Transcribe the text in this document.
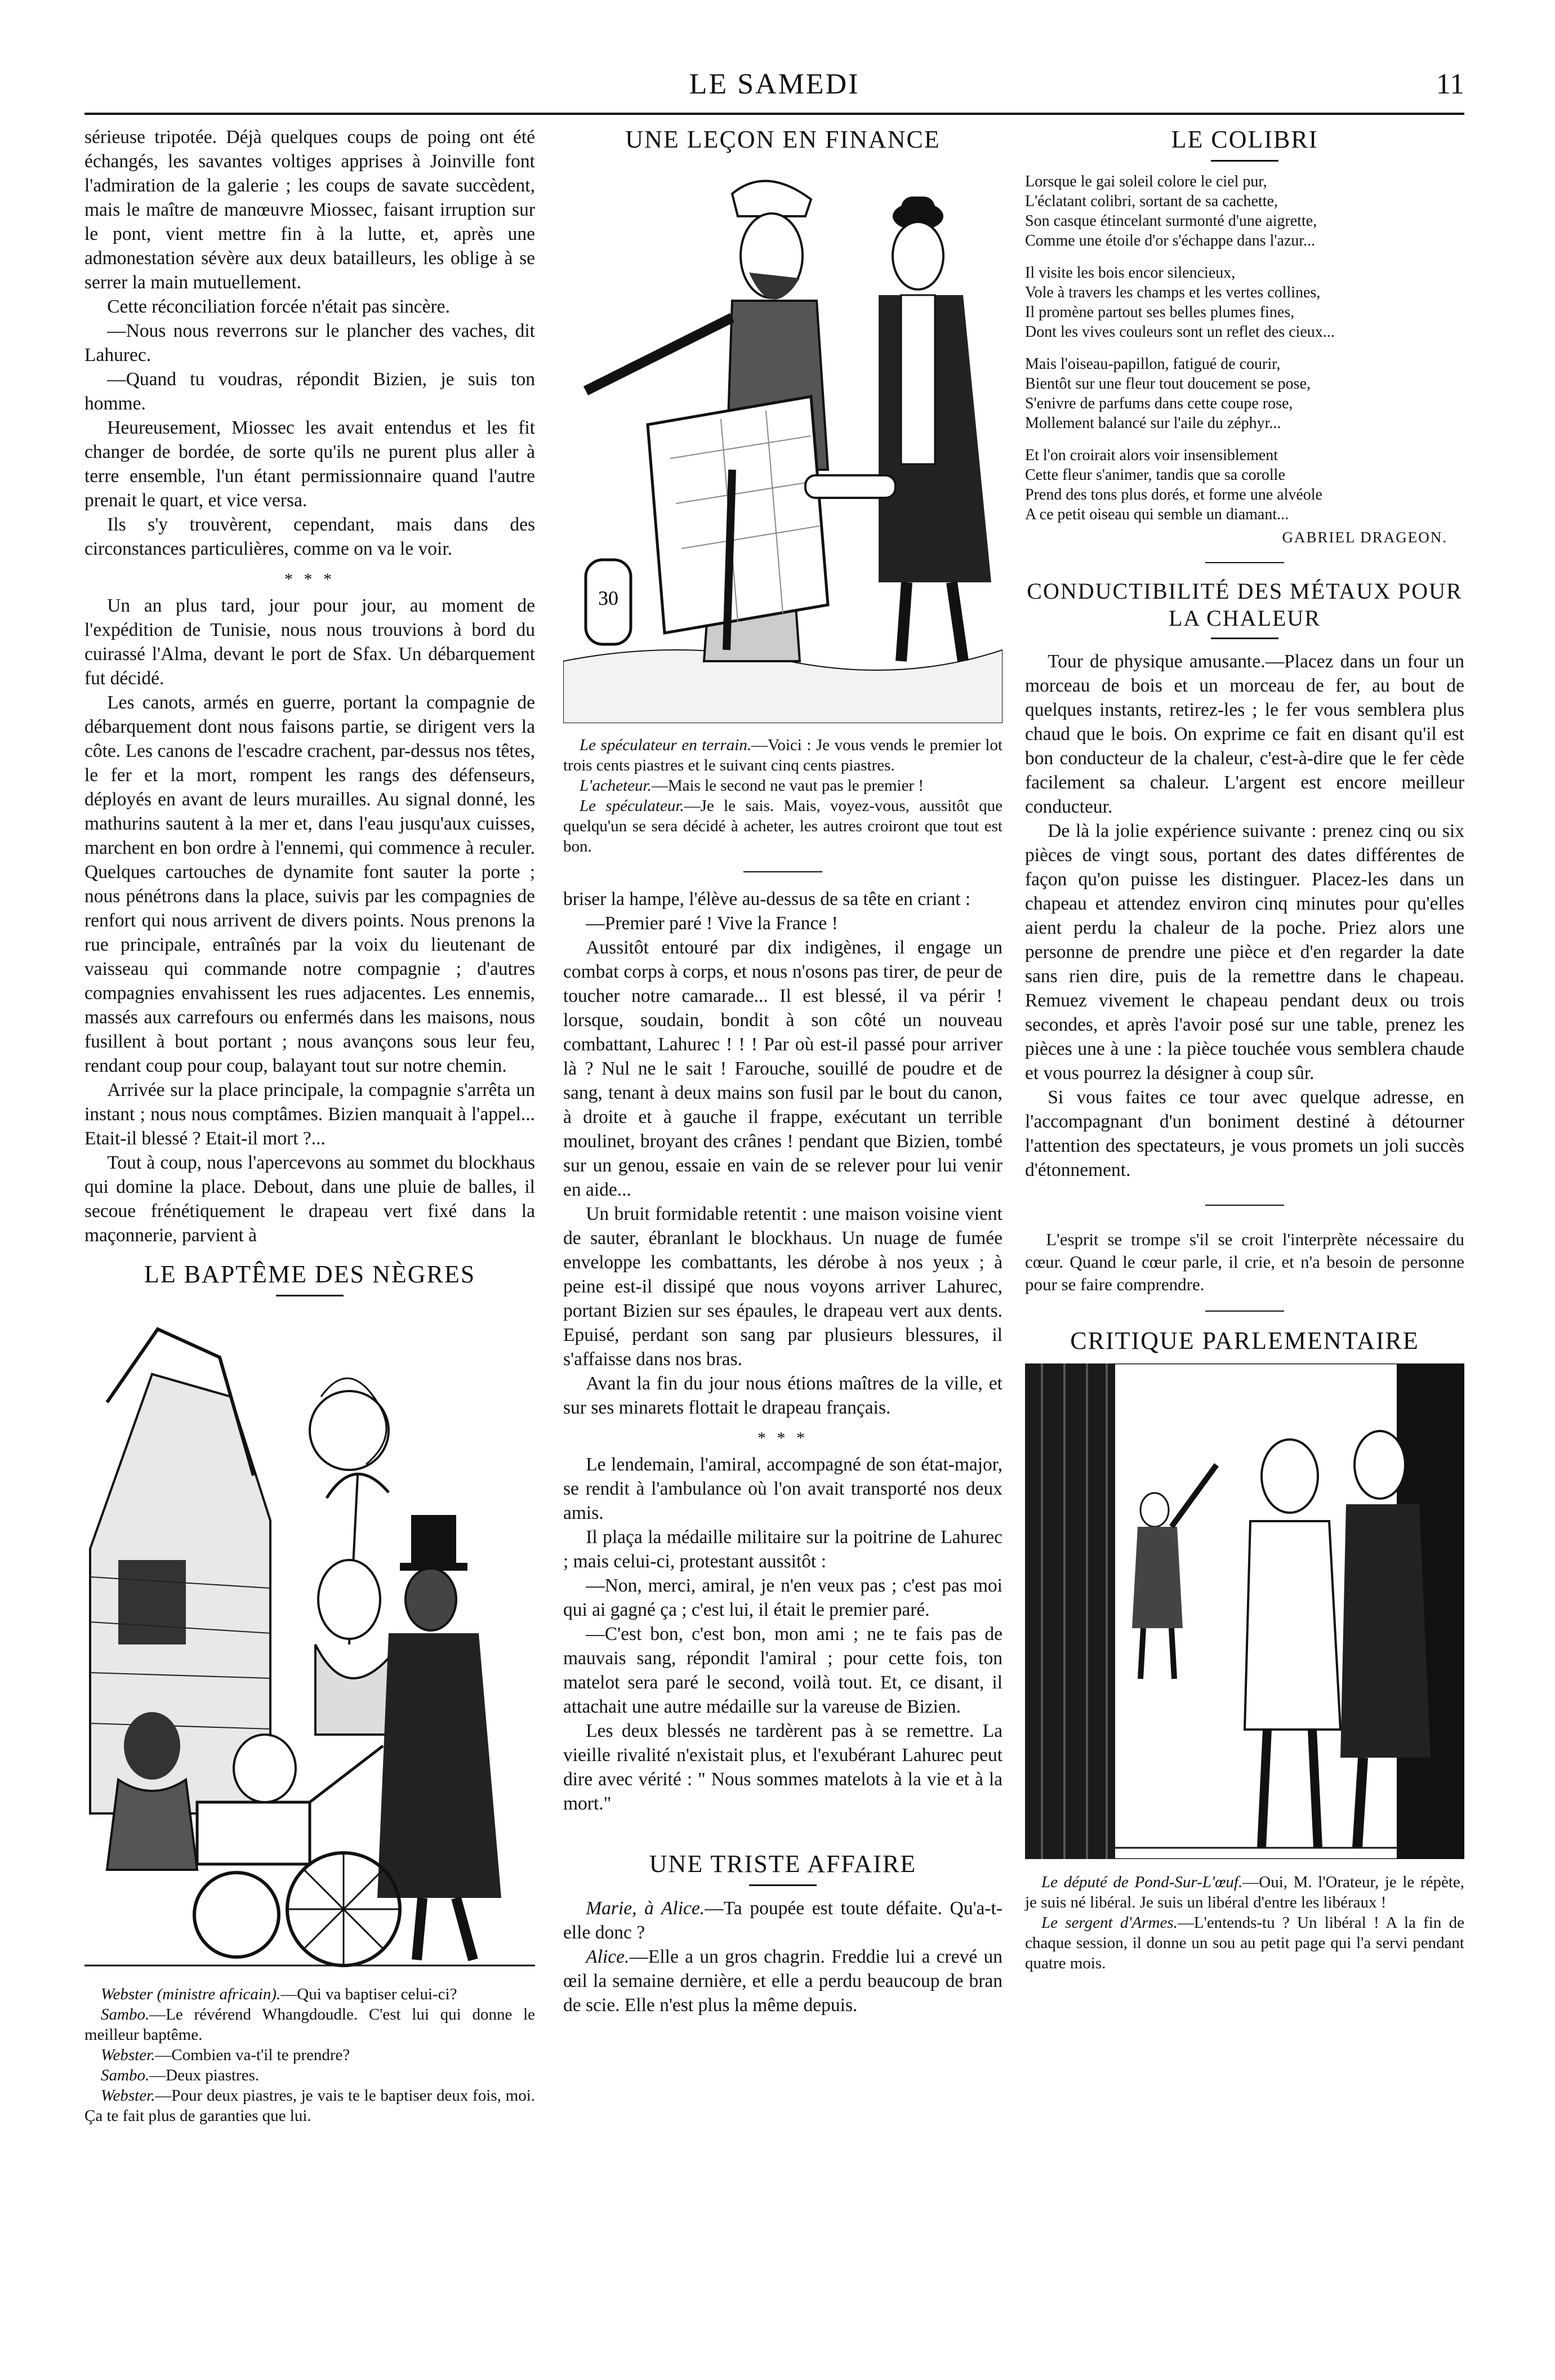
LE SAMEDI	11

sérieuse tripotée. Déjà quelques coups de poing ont été échangés, les savantes voltiges apprises à Joinville font l'admiration de la galerie ; les coups de savate succèdent, mais le maître de manœuvre Miossec, faisant irruption sur le pont, vient mettre fin à la lutte, et, après une admonestation sévère aux deux batailleurs, les oblige à se serrer la main mutuellement.

Cette réconciliation forcée n'était pas sincère.

—Nous nous reverrons sur le plancher des vaches, dit Lahurec.

—Quand tu voudras, répondit Bizien, je suis ton homme.

Heureusement, Miossec les avait entendus et les fit changer de bordée, de sorte qu'ils ne purent plus aller à terre ensemble, l'un étant permissionnaire quand l'autre prenait le quart, et vice versa.

Ils s'y trouvèrent, cependant, mais dans des circonstances particulières, comme on va le voir.

* * *

Un an plus tard, jour pour jour, au moment de l'expédition de Tunisie, nous nous trouvions à bord du cuirassé l'Alma, devant le port de Sfax. Un débarquement fut décidé.

Les canots, armés en guerre, portant la compagnie de débarquement dont nous faisons partie, se dirigent vers la côte. Les canons de l'escadre crachent, par-dessus nos têtes, le fer et la mort, rompent les rangs des défenseurs, déployés en avant de leurs murailles. Au signal donné, les mathurins sautent à la mer et, dans l'eau jusqu'aux cuisses, marchent en bon ordre à l'ennemi, qui commence à reculer. Quelques cartouches de dynamite font sauter la porte ; nous pénétrons dans la place, suivis par les compagnies de renfort qui nous arrivent de divers points. Nous prenons la rue principale, entraînés par la voix du lieutenant de vaisseau qui commande notre compagnie ; d'autres compagnies envahissent les rues adjacentes. Les ennemis, massés aux carrefours ou enfermés dans les maisons, nous fusillent à bout portant ; nous avançons sous leur feu, rendant coup pour coup, balayant tout sur notre chemin.

Arrivée sur la place principale, la compagnie s'arrêta un instant ; nous nous comptâmes. Bizien manquait à l'appel... Etait-il blessé ? Etait-il mort ?...

Tout à coup, nous l'apercevons au sommet du blockhaus qui domine la place. Debout, dans une pluie de balles, il secoue frénétiquement le drapeau vert fixé dans la maçonnerie, parvient à

LE BAPTÊME DES NÈGRES

Webster (ministre africain).—Qui va baptiser celui-ci?

Sambo.—Le révérend Whangdoudle. C'est lui qui donne le meilleur baptême.

Webster.—Combien va-t'il te prendre?

Sambo.—Deux piastres.

Webster.—Pour deux piastres, je vais te le baptiser deux fois, moi. Ça te fait plus de garanties que lui.

UNE LEÇON EN FINANCE
30

Le spéculateur en terrain.—Voici : Je vous vends le premier lot trois cents piastres et le suivant cinq cents piastres.

L'acheteur.—Mais le second ne vaut pas le premier !

Le spéculateur.—Je le sais. Mais, voyez-vous, aussitôt que quelqu'un se sera décidé à acheter, les autres croiront que tout est bon.

briser la hampe, l'élève au-dessus de sa tête en criant :

—Premier paré ! Vive la France !

Aussitôt entouré par dix indigènes, il engage un combat corps à corps, et nous n'osons pas tirer, de peur de toucher notre camarade... Il est blessé, il va périr ! lorsque, soudain, bondit à son côté un nouveau combattant, Lahurec ! ! ! Par où est-il passé pour arriver là ? Nul ne le sait ! Farouche, souillé de poudre et de sang, tenant à deux mains son fusil par le bout du canon, à droite et à gauche il frappe, exécutant un terrible moulinet, broyant des crânes ! pendant que Bizien, tombé sur un genou, essaie en vain de se relever pour lui venir en aide...

Un bruit formidable retentit : une maison voisine vient de sauter, ébranlant le blockhaus. Un nuage de fumée enveloppe les combattants, les dérobe à nos yeux ; à peine est-il dissipé que nous voyons arriver Lahurec, portant Bizien sur ses épaules, le drapeau vert aux dents. Epuisé, perdant son sang par plusieurs blessures, il s'affaisse dans nos bras.

Avant la fin du jour nous étions maîtres de la ville, et sur ses minarets flottait le drapeau français.

* * *

Le lendemain, l'amiral, accompagné de son état-major, se rendit à l'ambulance où l'on avait transporté nos deux amis.

Il plaça la médaille militaire sur la poitrine de Lahurec ; mais celui-ci, protestant aussitôt :

—Non, merci, amiral, je n'en veux pas ; c'est pas moi qui ai gagné ça ; c'est lui, il était le premier paré.

—C'est bon, c'est bon, mon ami ; ne te fais pas de mauvais sang, répondit l'amiral ; pour cette fois, ton matelot sera paré le second, voilà tout. Et, ce disant, il attachait une autre médaille sur la vareuse de Bizien.

Les deux blessés ne tardèrent pas à se remettre. La vieille rivalité n'existait plus, et l'exubérant Lahurec peut dire avec vérité : " Nous sommes matelots à la vie et à la mort."

UNE TRISTE AFFAIRE

Marie, à Alice.—Ta poupée est toute défaite. Qu'a-t-elle donc ?

Alice.—Elle a un gros chagrin. Freddie lui a crevé un œil la semaine dernière, et elle a perdu beaucoup de bran de scie. Elle n'est plus la même depuis.

LE COLIBRI
Lorsque le gai soleil colore le ciel pur,
L'éclatant colibri, sortant de sa cachette,
Son casque étincelant surmonté d'une aigrette,
Comme une étoile d'or s'échappe dans l'azur...
Il visite les bois encor silencieux,
Vole à travers les champs et les vertes collines,
Il promène partout ses belles plumes fines,
Dont les vives couleurs sont un reflet des cieux...
Mais l'oiseau-papillon, fatigué de courir,
Bientôt sur une fleur tout doucement se pose,
S'enivre de parfums dans cette coupe rose,
Mollement balancé sur l'aile du zéphyr...
Et l'on croirait alors voir insensiblement
Cette fleur s'animer, tandis que sa corolle
Prend des tons plus dorés, et forme une alvéole
A ce petit oiseau qui semble un diamant...
GABRIEL DRAGEON.
CONDUCTIBILITÉ DES MÉTAUX POUR LA CHALEUR

Tour de physique amusante.—Placez dans un four un morceau de bois et un morceau de fer, au bout de quelques instants, retirez-les ; le fer vous semblera plus chaud que le bois. On exprime ce fait en disant qu'il est bon conducteur de la chaleur, c'est-à-dire que le fer cède facilement sa chaleur. L'argent est encore meilleur conducteur.

De là la jolie expérience suivante : prenez cinq ou six pièces de vingt sous, portant des dates différentes de façon qu'on puisse les distinguer. Placez-les dans un chapeau et attendez environ cinq minutes pour qu'elles aient perdu la chaleur de la poche. Priez alors une personne de prendre une pièce et d'en regarder la date sans rien dire, puis de la remettre dans le chapeau. Remuez vivement le chapeau pendant deux ou trois secondes, et après l'avoir posé sur une table, prenez les pièces une à une : la pièce touchée vous semblera chaude et vous pourrez la désigner à coup sûr.

Si vous faites ce tour avec quelque adresse, en l'accompagnant d'un boniment destiné à détourner l'attention des spectateurs, je vous promets un joli succès d'étonnement.

L'esprit se trompe s'il se croit l'interprète nécessaire du cœur. Quand le cœur parle, il crie, et n'a besoin de personne pour se faire comprendre.

CRITIQUE PARLEMENTAIRE

Le député de Pond-Sur-L'œuf.—Oui, M. l'Orateur, je le répète, je suis né libéral. Je suis un libéral d'entre les libéraux !

Le sergent d'Armes.—L'entends-tu ? Un libéral ! A la fin de chaque session, il donne un sou au petit page qui l'a servi pendant quatre mois.
